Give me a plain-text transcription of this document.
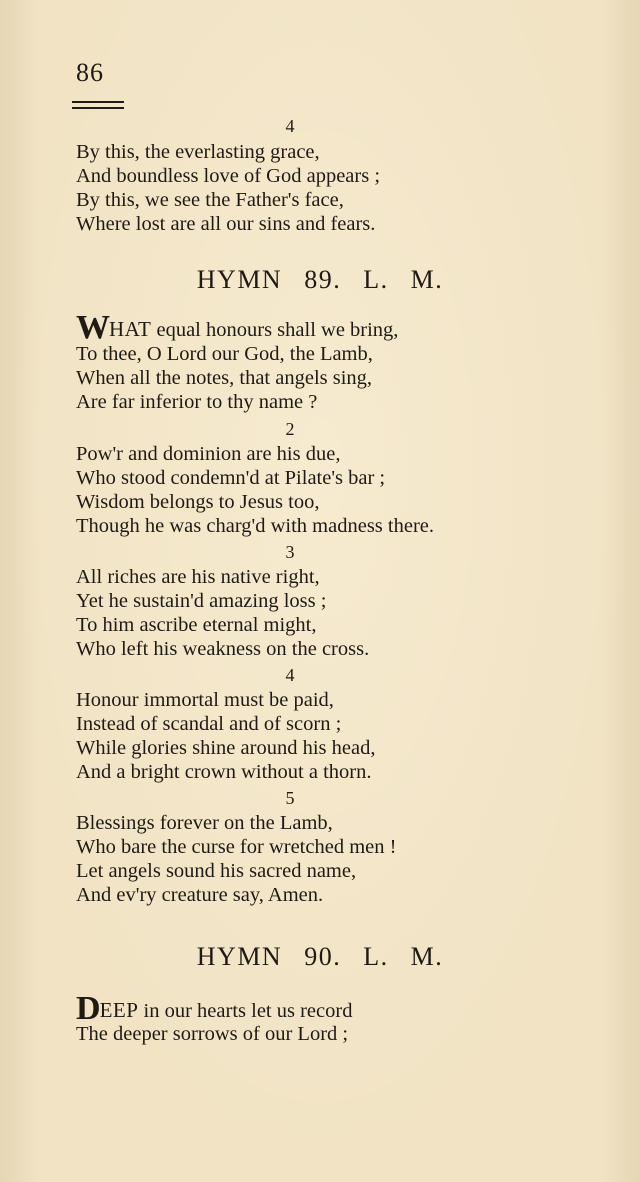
86
4
By this, the everlasting grace,
And boundless love of God appears ;
By this, we see the Father's face,
Where lost are all our sins and fears.
HYMN 89. L. M.
WHAT equal honours shall we bring,
To thee, O Lord our God, the Lamb,
When all the notes, that angels sing,
Are far inferior to thy name ?
2
Pow'r and dominion are his due,
Who stood condemn'd at Pilate's bar ;
Wisdom belongs to Jesus too,
Though he was charg'd with madness there.
3
All riches are his native right,
Yet he sustain'd amazing loss ;
To him ascribe eternal might,
Who left his weakness on the cross.
4
Honour immortal must be paid,
Instead of scandal and of scorn ;
While glories shine around his head,
And a bright crown without a thorn.
5
Blessings forever on the Lamb,
Who bare the curse for wretched men !
Let angels sound his sacred name,
And ev'ry creature say, Amen.
HYMN 90. L. M.
DEEP in our hearts let us record
The deeper sorrows of our Lord ;
